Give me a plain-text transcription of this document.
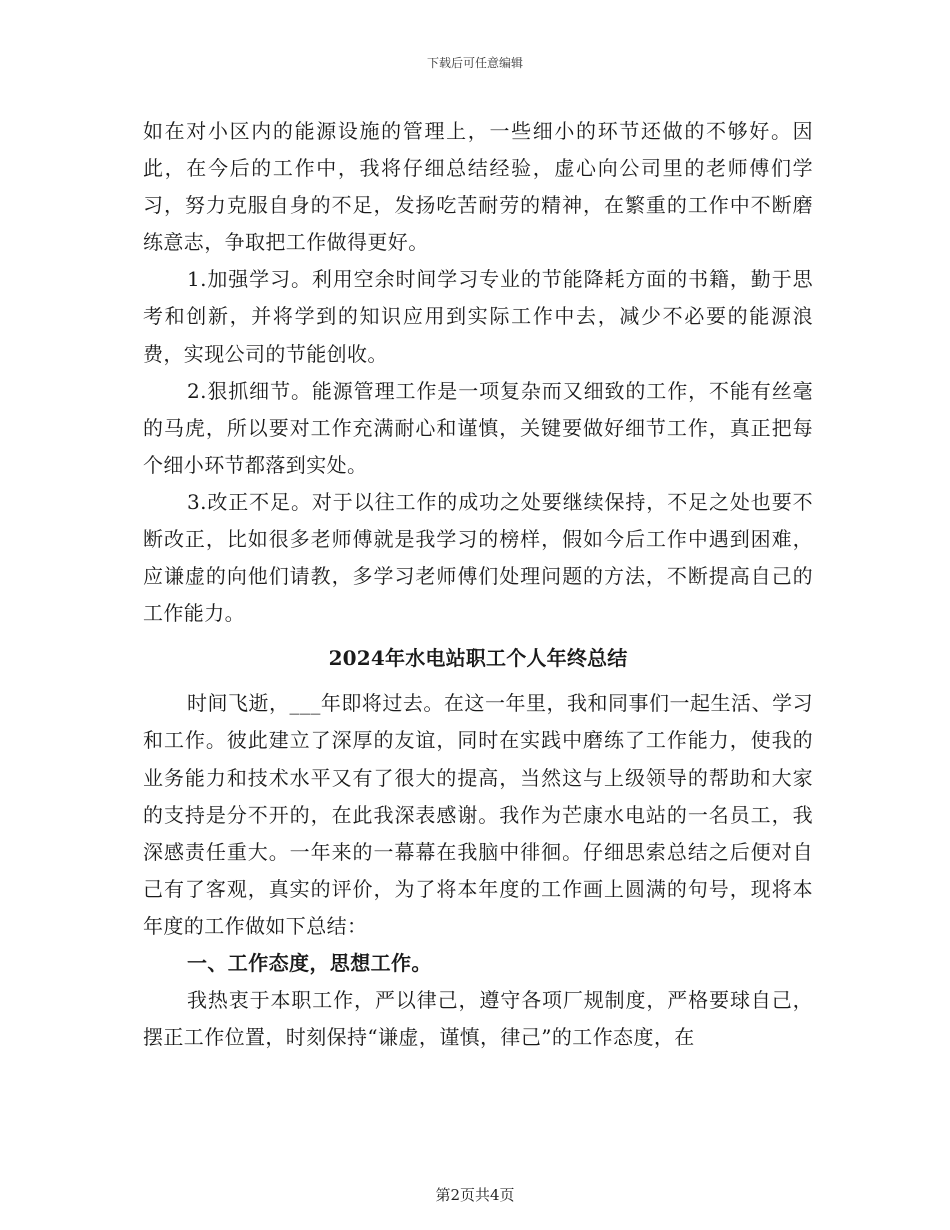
下载后可任意编辑

如在对小区内的能源设施的管理上，一些细小的环节还做的不够好。因此，在今后的工作中，我将仔细总结经验，虚心向公司里的老师傅们学习，努力克服自身的不足，发扬吃苦耐劳的精神，在繁重的工作中不断磨练意志，争取把工作做得更好。

1.加强学习。利用空余时间学习专业的节能降耗方面的书籍，勤于思考和创新，并将学到的知识应用到实际工作中去，减少不必要的能源浪费，实现公司的节能创收。

2.狠抓细节。能源管理工作是一项复杂而又细致的工作，不能有丝毫的马虎，所以要对工作充满耐心和谨慎，关键要做好细节工作，真正把每个细小环节都落到实处。

3.改正不足。对于以往工作的成功之处要继续保持，不足之处也要不断改正，比如很多老师傅就是我学习的榜样，假如今后工作中遇到困难，应谦虚的向他们请教，多学习老师傅们处理问题的方法，不断提高自己的工作能力。

2024年水电站职工个人年终总结

时间飞逝，___年即将过去。在这一年里，我和同事们一起生活、学习和工作。彼此建立了深厚的友谊，同时在实践中磨练了工作能力，使我的业务能力和技术水平又有了很大的提高，当然这与上级领导的帮助和大家的支持是分不开的，在此我深表感谢。我作为芒康水电站的一名员工，我深感责任重大。一年来的一幕幕在我脑中徘徊。仔细思索总结之后便对自己有了客观，真实的评价，为了将本年度的工作画上圆满的句号，现将本年度的工作做如下总结：

一、工作态度，思想工作。

我热衷于本职工作，严以律己，遵守各项厂规制度，严格要球自己，摆正工作位置，时刻保持“谦虚，谨慎，律己”的工作态度，在

第2页共4页
